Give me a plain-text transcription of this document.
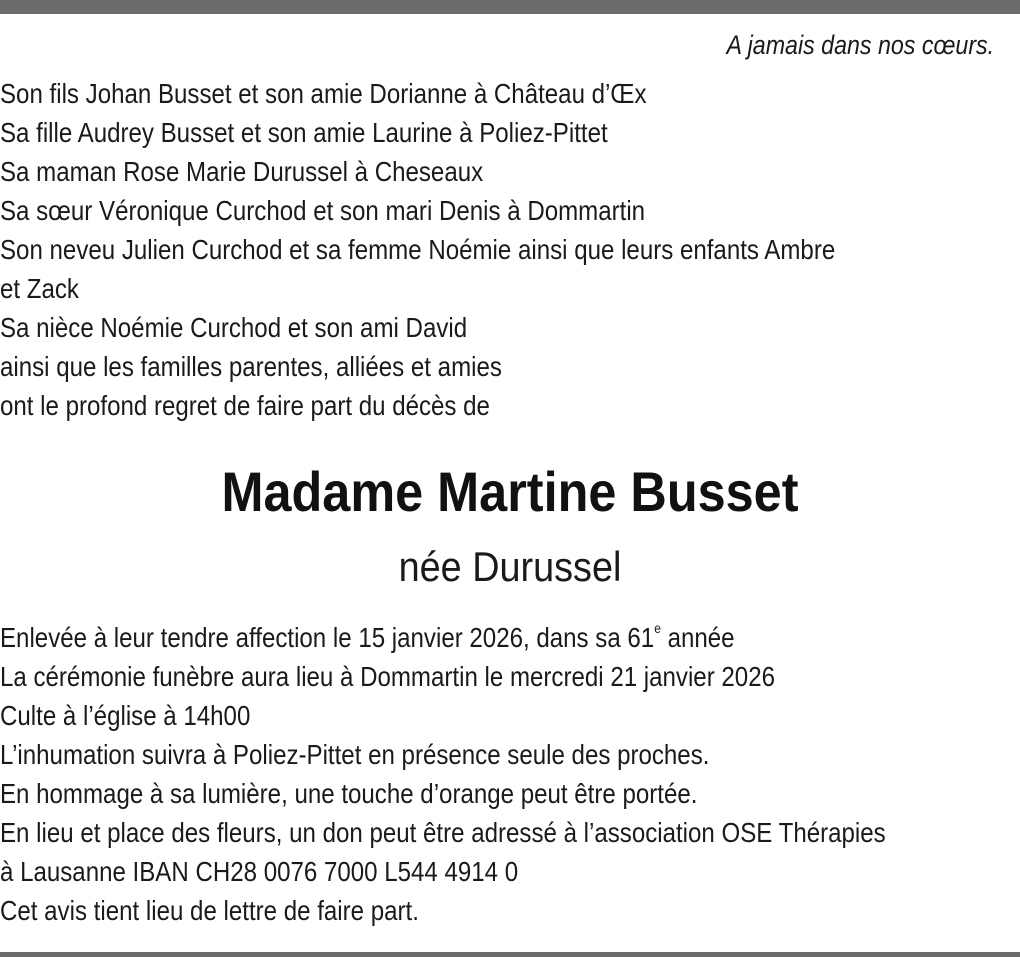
A jamais dans nos cœurs.
Son fils Johan Busset et son amie Dorianne à Château d’Œx
Sa fille Audrey Busset et son amie Laurine à Poliez-Pittet
Sa maman Rose Marie Durussel à Cheseaux
Sa sœur Véronique Curchod et son mari Denis à Dommartin
Son neveu Julien Curchod et sa femme Noémie ainsi que leurs enfants Ambre
et Zack
Sa nièce Noémie Curchod et son ami David
ainsi que les familles parentes, alliées et amies
ont le profond regret de faire part du décès de
Madame Martine Busset
née Durussel
Enlevée à leur tendre affection le 15 janvier 2026, dans sa 61e année
La cérémonie funèbre aura lieu à Dommartin le mercredi 21 janvier 2026
Culte à l’église à 14h00
L’inhumation suivra à Poliez-Pittet en présence seule des proches.
En hommage à sa lumière, une touche d’orange peut être portée.
En lieu et place des fleurs, un don peut être adressé à l’association OSE Thérapies
à Lausanne IBAN CH28 0076 7000 L544 4914 0
Cet avis tient lieu de lettre de faire part.
